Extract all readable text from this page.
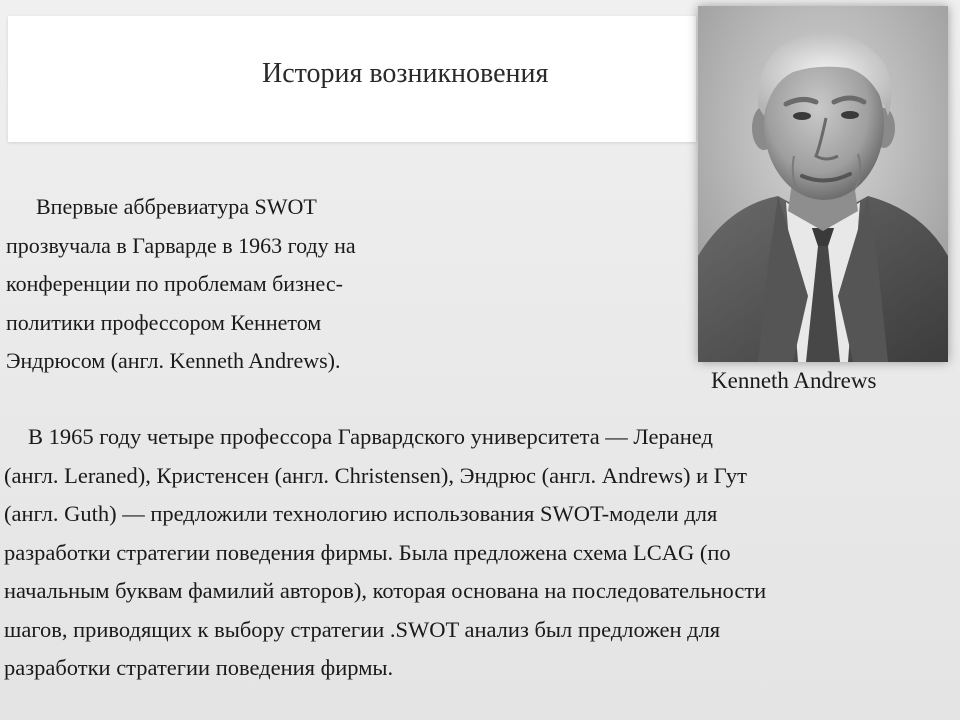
История возникновения
Kenneth Andrews
Впервые аббревиатура SWOT
прозвучала в Гарварде в 1963 году на
конференции по проблемам бизнес-
политики профессором Кеннетом
Эндрюсом (англ. Kenneth Andrews).
В 1965 году четыре профессора Гарвардского университета — Леранед
(англ. Leraned), Кристенсен (англ. Christensen), Эндрюс (англ. Andrews) и Гут
(англ. Guth) — предложили технологию использования SWOT-модели для
разработки стратегии поведения фирмы. Была предложена схема LCAG (по
начальным буквам фамилий авторов), которая основана на последовательности
шагов, приводящих к выбору стратегии .SWOT анализ был предложен для
разработки стратегии поведения фирмы.
